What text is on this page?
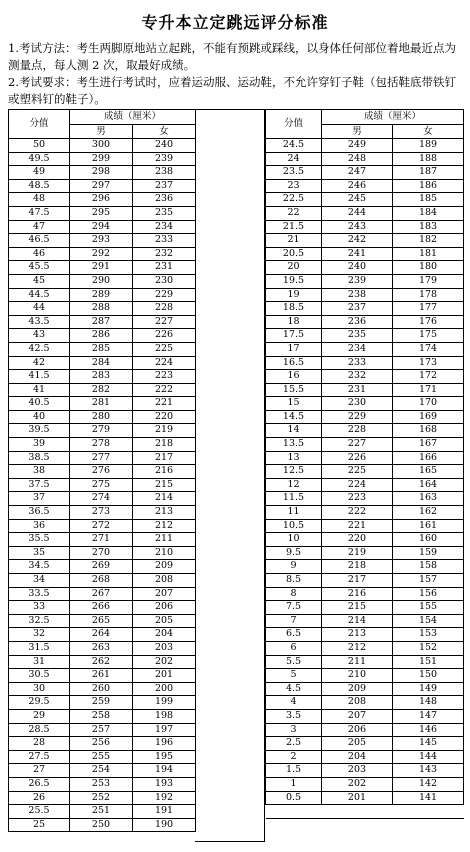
专升本立定跳远评分标准
1.考试方法：考生两脚原地站立起跳，不能有预跳或踩线，以身体任何部位着地最近点为测量点，每人测 2 次，取最好成绩。
2.考试要求：考生进行考试时，应着运动服、运动鞋，不允许穿钉子鞋（包括鞋底带铁钉或塑料钉的鞋子）。
分值	成绩（厘米）	
	男	女
50	300	240
49.5	299	239
49	298	238
48.5	297	237
48	296	236
47.5	295	235
47	294	234
46.5	293	233
46	292	232
45.5	291	231
45	290	230
44.5	289	229
44	288	228
43.5	287	227
43	286	226
42.5	285	225
42	284	224
41.5	283	223
41	282	222
40.5	281	221
40	280	220
39.5	279	219
39	278	218
38.5	277	217
38	276	216
37.5	275	215
37	274	214
36.5	273	213
36	272	212
35.5	271	211
35	270	210
34.5	269	209
34	268	208
33.5	267	207
33	266	206
32.5	265	205
32	264	204
31.5	263	203
31	262	202
30.5	261	201
30	260	200
29.5	259	199
29	258	198
28.5	257	197
28	256	196
27.5	255	195
27	254	194
26.5	253	193
26	252	192
25.5	251	191
25	250	190
分值	成绩（厘米）	
	男	女
24.5	249	189
24	248	188
23.5	247	187
23	246	186
22.5	245	185
22	244	184
21.5	243	183
21	242	182
20.5	241	181
20	240	180
19.5	239	179
19	238	178
18.5	237	177
18	236	176
17.5	235	175
17	234	174
16.5	233	173
16	232	172
15.5	231	171
15	230	170
14.5	229	169
14	228	168
13.5	227	167
13	226	166
12.5	225	165
12	224	164
11.5	223	163
11	222	162
10.5	221	161
10	220	160
9.5	219	159
9	218	158
8.5	217	157
8	216	156
7.5	215	155
7	214	154
6.5	213	153
6	212	152
5.5	211	151
5	210	150
4.5	209	149
4	208	148
3.5	207	147
3	206	146
2.5	205	145
2	204	144
1.5	203	143
1	202	142
0.5	201	141
